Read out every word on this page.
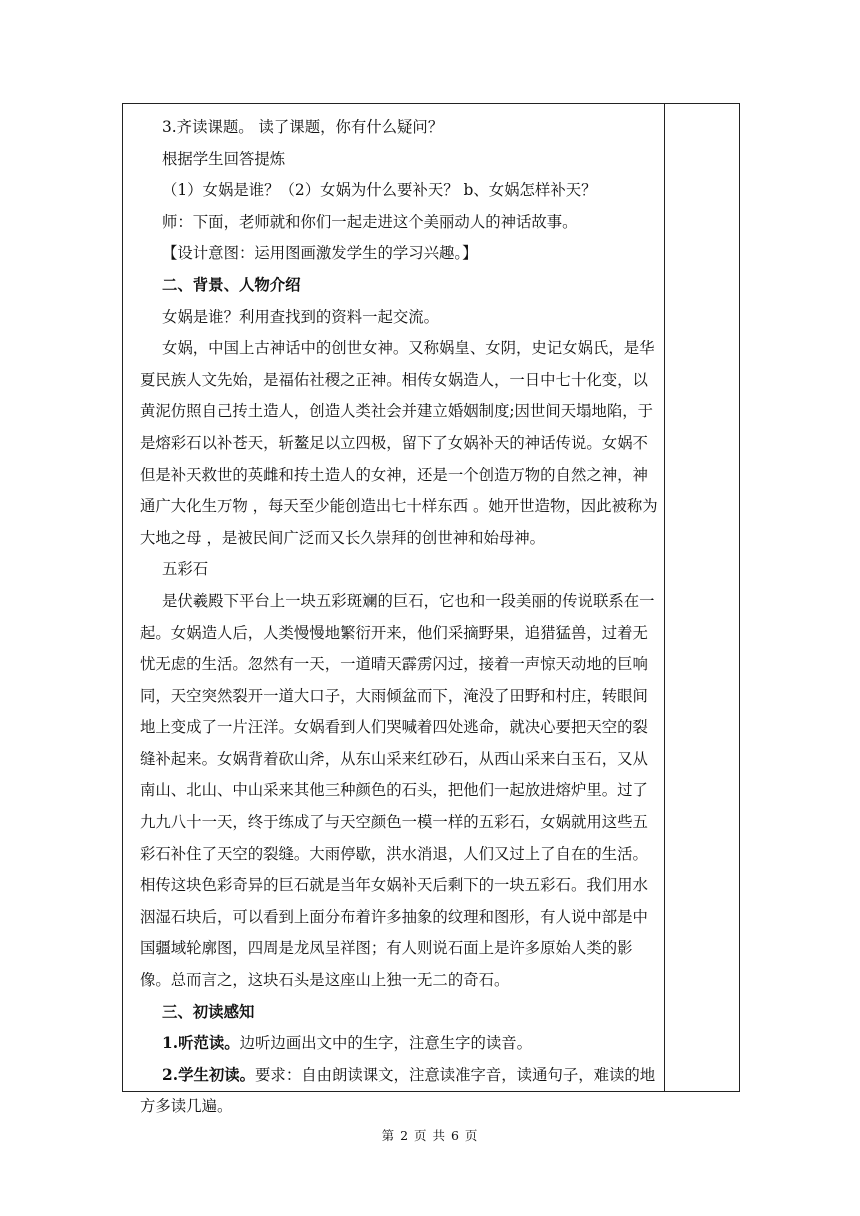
3.齐读课题。 读了课题，你有什么疑问？

根据学生回答提炼

（1）女娲是谁？（2）女娲为什么要补天？ b、女娲怎样补天？

师：下面，老师就和你们一起走进这个美丽动人的神话故事。

【设计意图：运用图画激发学生的学习兴趣。】

二、背景、人物介绍

女娲是谁？利用查找到的资料一起交流。

女娲，中国上古神话中的创世女神。又称娲皇、女阴，史记女娲氏，是华夏民族人文先始，是福佑社稷之正神。相传女娲造人，一日中七十化变，以黄泥仿照自己抟土造人，创造人类社会并建立婚姻制度;因世间天塌地陷，于是熔彩石以补苍天，斩鳌足以立四极，留下了女娲补天的神话传说。女娲不但是补天救世的英雌和抟土造人的女神，还是一个创造万物的自然之神，神通广大化生万物 ，每天至少能创造出七十样东西 。她开世造物，因此被称为大地之母 ，是被民间广泛而又长久崇拜的创世神和始母神。

五彩石

是伏羲殿下平台上一块五彩斑斓的巨石，它也和一段美丽的传说联系在一起。女娲造人后，人类慢慢地繁衍开来，他们采摘野果，追猎猛兽，过着无忧无虑的生活。忽然有一天，一道晴天霹雳闪过，接着一声惊天动地的巨响同，天空突然裂开一道大口子，大雨倾盆而下，淹没了田野和村庄，转眼间地上变成了一片汪洋。女娲看到人们哭喊着四处逃命，就决心要把天空的裂缝补起来。女娲背着砍山斧，从东山采来红砂石，从西山采来白玉石，又从南山、北山、中山采来其他三种颜色的石头，把他们一起放进熔炉里。过了九九八十一天，终于练成了与天空颜色一模一样的五彩石，女娲就用这些五彩石补住了天空的裂缝。大雨停歇，洪水消退，人们又过上了自在的生活。相传这块色彩奇异的巨石就是当年女娲补天后剩下的一块五彩石。我们用水洇湿石块后，可以看到上面分布着许多抽象的纹理和图形，有人说中部是中国疆域轮廓图，四周是龙凤呈祥图；有人则说石面上是许多原始人类的影像。总而言之，这块石头是这座山上独一无二的奇石。

三、初读感知

1.听范读。边听边画出文中的生字，注意生字的读音。

2.学生初读。要求：自由朗读课文，注意读准字音，读通句子，难读的地方多读几遍。

第 2 页 共 6 页
